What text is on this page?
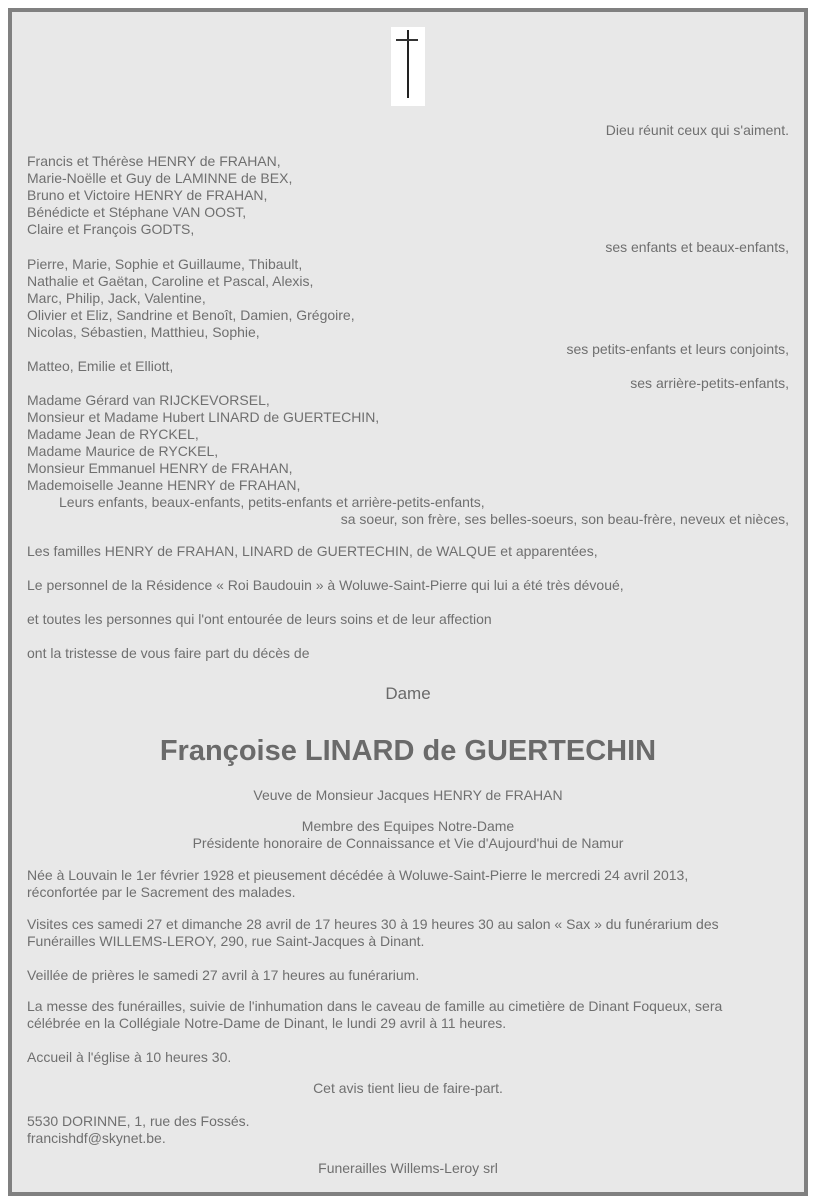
Dieu réunit ceux qui s'aiment.
Francis et Thérèse HENRY de FRAHAN,
Marie-Noëlle et Guy de LAMINNE de BEX,
Bruno et Victoire HENRY de FRAHAN,
Bénédicte et Stéphane VAN OOST,
Claire et François GODTS,
ses enfants et beaux-enfants,
Pierre, Marie, Sophie et Guillaume, Thibault,
Nathalie et Gaëtan, Caroline et Pascal, Alexis,
Marc, Philip, Jack, Valentine,
Olivier et Eliz, Sandrine et Benoît, Damien, Grégoire,
Nicolas, Sébastien, Matthieu, Sophie,
ses petits-enfants et leurs conjoints,
Matteo, Emilie et Elliott,
ses arrière-petits-enfants,
Madame Gérard van RIJCKEVORSEL,
Monsieur et Madame Hubert LINARD de GUERTECHIN,
Madame Jean de RYCKEL,
Madame Maurice de RYCKEL,
Monsieur Emmanuel HENRY de FRAHAN,
Mademoiselle Jeanne HENRY de FRAHAN,
Leurs enfants, beaux-enfants, petits-enfants et arrière-petits-enfants,
sa soeur, son frère, ses belles-soeurs, son beau-frère, neveux et nièces,
Les familles HENRY de FRAHAN, LINARD de GUERTECHIN, de WALQUE et apparentées,
Le personnel de la Résidence « Roi Baudouin » à Woluwe-Saint-Pierre qui lui a été très dévoué,
et toutes les personnes qui l'ont entourée de leurs soins et de leur affection
ont la tristesse de vous faire part du décès de
Dame
Françoise LINARD de GUERTECHIN
Veuve de Monsieur Jacques HENRY de FRAHAN
Membre des Equipes Notre-Dame
Présidente honoraire de Connaissance et Vie d'Aujourd'hui de Namur
Née à Louvain le 1er février 1928 et pieusement décédée à Woluwe-Saint-Pierre le mercredi 24 avril 2013,
réconfortée par le Sacrement des malades.
Visites ces samedi 27 et dimanche 28 avril de 17 heures 30 à 19 heures 30 au salon « Sax » du funérarium des
Funérailles WILLEMS-LEROY, 290, rue Saint-Jacques à Dinant.
Veillée de prières le samedi 27 avril à 17 heures au funérarium.
La messe des funérailles, suivie de l'inhumation dans le caveau de famille au cimetière de Dinant Foqueux, sera
célébrée en la Collégiale Notre-Dame de Dinant, le lundi 29 avril à 11 heures.
Accueil à l'église à 10 heures 30.
Cet avis tient lieu de faire-part.
5530 DORINNE, 1, rue des Fossés.
francishdf@skynet.be.
Funerailles Willems-Leroy srl
